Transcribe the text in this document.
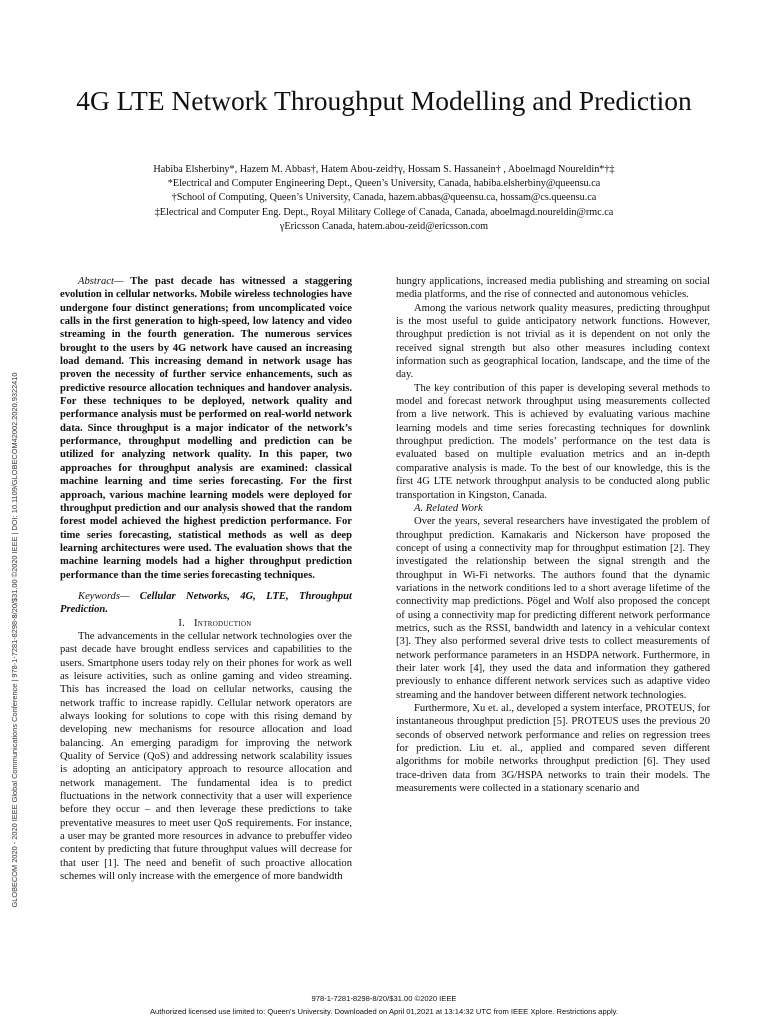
GLOBECOM 2020 - 2020 IEEE Global Communications Conference | 978-1-7281-8298-8/20/$31.00 ©2020 IEEE | DOI: 10.1109/GLOBECOM42002.2020.9322410
4G LTE Network Throughput Modelling and Prediction
Habiba Elsherbiny*, Hazem M. Abbas†, Hatem Abou-zeid†γ, Hossam S. Hassanein† , Aboelmagd Noureldin*†‡
*Electrical and Computer Engineering Dept., Queen’s University, Canada, habiba.elsherbiny@queensu.ca
†School of Computing, Queen’s University, Canada, hazem.abbas@queensu.ca, hossam@cs.queensu.ca
‡Electrical and Computer Eng. Dept., Royal Military College of Canada, Canada, aboelmagd.noureldin@rmc.ca
γEricsson Canada, hatem.abou-zeid@ericsson.com

Abstract— The past decade has witnessed a staggering evolution in cellular networks. Mobile wireless technologies have undergone four distinct generations; from uncomplicated voice calls in the first generation to high-speed, low latency and video streaming in the fourth generation. The numerous services brought to the users by 4G network have caused an increasing load demand. This increasing demand in network usage has proven the necessity of further service enhancements, such as predictive resource allocation techniques and handover analysis. For these techniques to be deployed, network quality and performance analysis must be performed on real-world network data. Since throughput is a major indicator of the network’s performance, throughput modelling and prediction can be utilized for analyzing network quality. In this paper, two approaches for throughput analysis are examined: classical machine learning and time series forecasting. For the first approach, various machine learning models were deployed for throughput prediction and our analysis showed that the random forest model achieved the highest prediction performance. For time series forecasting, statistical methods as well as deep learning architectures were used. The evaluation shows that the machine learning models had a higher throughput prediction performance than the time series forecasting techniques.

Keywords— Cellular Networks, 4G, LTE, Throughput Prediction.

I. Introduction

The advancements in the cellular network technologies over the past decade have brought endless services and capabilities to the users. Smartphone users today rely on their phones for work as well as leisure activities, such as online gaming and video streaming. This has increased the load on cellular networks, causing the network traffic to increase rapidly. Cellular network operators are always looking for solutions to cope with this rising demand by developing new mechanisms for resource allocation and load balancing. An emerging paradigm for improving the network Quality of Service (QoS) and addressing network scalability issues is adopting an anticipatory approach to resource allocation and network management. The fundamental idea is to predict fluctuations in the network connectivity that a user will experience before they occur – and then leverage these predictions to take preventative measures to meet user QoS requirements. For instance, a user may be granted more resources in advance to prebuffer video content by predicting that future throughput values will decrease for that user [1]. The need and benefit of such proactive allocation schemes will only increase with the emergence of more bandwidth

hungry applications, increased media publishing and streaming on social media platforms, and the rise of connected and autonomous vehicles.

Among the various network quality measures, predicting throughput is the most useful to guide anticipatory network functions. However, throughput prediction is not trivial as it is dependent on not only the received signal strength but also other measures including context information such as geographical location, landscape, and the time of the day.

The key contribution of this paper is developing several methods to model and forecast network throughput using measurements collected from a live network. This is achieved by evaluating various machine learning models and time series forecasting techniques for downlink throughput prediction. The models’ performance on the test data is evaluated based on multiple evaluation metrics and an in-depth comparative analysis is made. To the best of our knowledge, this is the first 4G LTE network throughput analysis to be conducted along public transportation in Kingston, Canada.

A. Related Work

Over the years, several researchers have investigated the problem of throughput prediction. Kamakaris and Nickerson have proposed the concept of using a connectivity map for throughput estimation [2]. They investigated the relationship between the signal strength and the throughput in Wi-Fi networks. The authors found that the dynamic variations in the network conditions led to a short average lifetime of the connectivity map predictions. Pögel and Wolf also proposed the concept of using a connectivity map for predicting different network performance metrics, such as the RSSI, bandwidth and latency in a vehicular context [3]. They also performed several drive tests to collect measurements of network performance parameters in an HSDPA network. Furthermore, in their later work [4], they used the data and information they gathered previously to enhance different network services such as adaptive video streaming and the handover between different network technologies.

Furthermore, Xu et. al., developed a system interface, PROTEUS, for instantaneous throughput prediction [5]. PROTEUS uses the previous 20 seconds of observed network performance and relies on regression trees for prediction. Liu et. al., applied and compared seven different algorithms for mobile networks throughput prediction [6]. They used trace-driven data from 3G/HSPA networks to train their models. The measurements were collected in a stationary scenario and

978-1-7281-8298-8/20/$31.00 ©2020 IEEE
Authorized licensed use limited to: Queen's University. Downloaded on April 01,2021 at 13:14:32 UTC from IEEE Xplore. Restrictions apply.
